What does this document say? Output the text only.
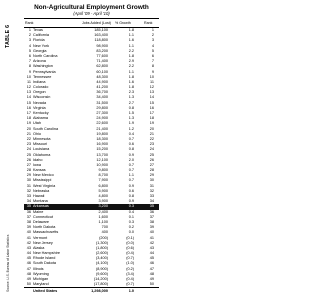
TABLE 6
Source: U.S. Bureau of Labor Statistics
Non-Agricultural Employment Growth
(April '09 - April '10)
Rank	Jobs Added (Lost) % Growth	Rank
1 Texas	185,100	1.8	1
2 California	163,400	1.1	2
3 Florida	118,800	1.6	3
4 New York	98,900	1.1	4
5 Georgia	83,200	2.2	5
6 North Carolina	77,600	1.8	6
7 Arizona	71,400	2.9	7
8 Washington	62,800	2.2	8
9 Pennsylvania	60,100	1.1	9
10 Tennessee	48,300	1.8	10
11 Indiana	44,900	1.6	11
12 Colorado	41,200	1.8	12
13 Oregon	36,700	2.3	13
14 Wisconsin	34,400	1.3	14
15 Nevada	31,500	2.7	15
16 Virginia	29,800	0.8	16
17 Kentucky	27,300	1.5	17
18 Alabama	24,900	1.3	18
19 Utah	22,600	1.9	19
20 South Carolina	21,400	1.2	20
21 Ohio	19,800	0.4	21
22 Minnesota	18,300	0.7	22
23 Missouri	16,900	0.6	23
24 Louisiana	15,200	0.8	24
25 Oklahoma	13,700	0.9	25
26 Idaho	12,100	2.0	26
27 Iowa	10,900	0.7	27
28 Kansas	9,800	0.7	28
29 New Mexico	8,700	1.1	29
30 Mississippi	7,900	0.7	30
31 West Virginia	6,800	0.9	31
32 Nebraska	5,900	0.6	32
33 Hawaii	4,800	0.8	33
34 Montana	3,900	0.9	34
35 Arkansas	3,200	0.3	35
36 Maine	2,400	0.4	36
37 Connecticut	1,600	0.1	37
38 Delaware	1,100	0.3	38
39 North Dakota	700	0.2	39
40 Massachusetts	400	0.0	40
41 Vermont	(200)	(0.1)	41
42 New Jersey	(1,300)	(0.0)	42
43 Alaska	(1,800)	(0.6)	43
44 New Hampshire	(2,600)	(0.4)	44
45 Rhode Island	(3,400)	(0.7)	45
46 South Dakota	(4,100)	(1.0)	46
47 Illinois	(8,900)	(0.2)	47
48 Wyoming	(9,600)	(3.4)	48
49 Michigan	(14,200)	(0.4)	49
50 Maryland	(17,800)	(0.7)	50
United States	1,298,000	1.0
